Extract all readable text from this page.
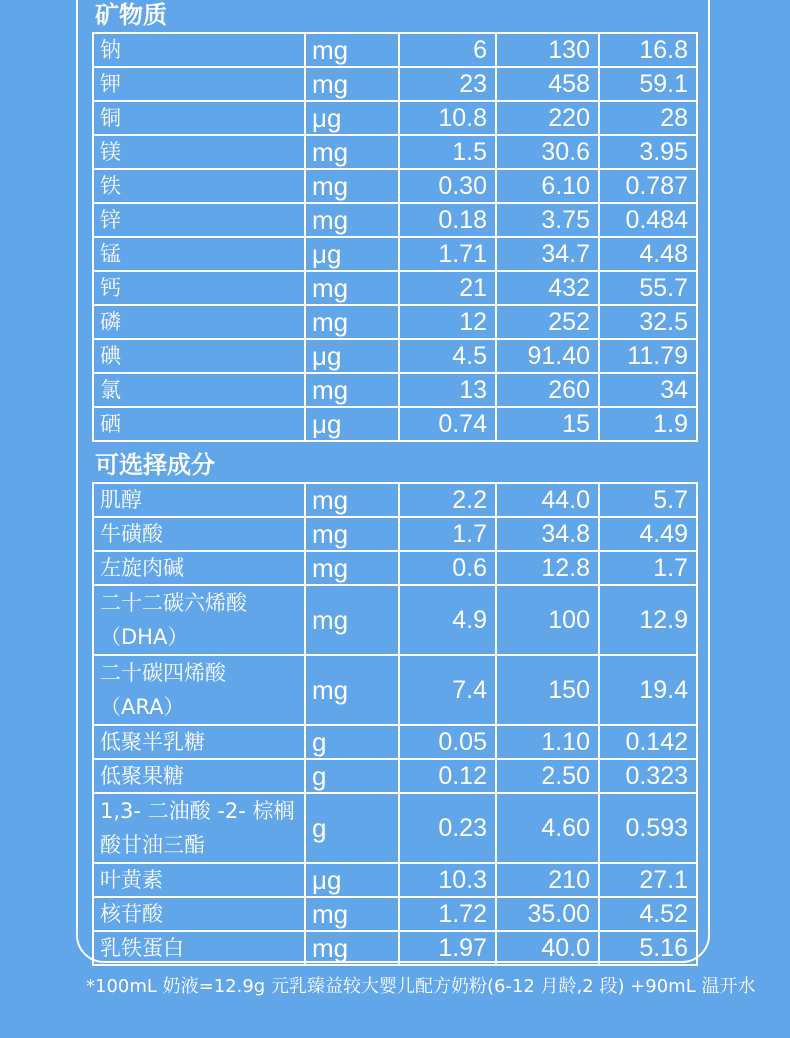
矿物质
钠	mg	6	130	16.8
钾	mg	23	458	59.1
铜	μg	10.8	220	28
镁	mg	1.5	30.6	3.95
铁	mg	0.30	6.10	0.787
锌	mg	0.18	3.75	0.484
锰	μg	1.71	34.7	4.48
钙	mg	21	432	55.7
磷	mg	12	252	32.5
碘	μg	4.5	91.40	11.79
氯	mg	13	260	34
硒	μg	0.74	15	1.9
可选择成分
肌醇	mg	2.2	44.0	5.7
牛磺酸	mg	1.7	34.8	4.49
左旋肉碱	mg	0.6	12.8	1.7
二十二碳六烯酸（DHA）	mg	4.9	100	12.9
二十碳四烯酸（ARA）	mg	7.4	150	19.4
低聚半乳糖	g	0.05	1.10	0.142
低聚果糖	g	0.12	2.50	0.323
1,3- 二油酸 -2- 棕榈酸甘油三酯	g	0.23	4.60	0.593
叶黄素	μg	10.3	210	27.1
核苷酸	mg	1.72	35.00	4.52
乳铁蛋白	mg	1.97	40.0	5.16
*100mL 奶液=12.9g 元乳臻益较大婴儿配方奶粉(6-12 月龄,2 段) +90mL 温开水
